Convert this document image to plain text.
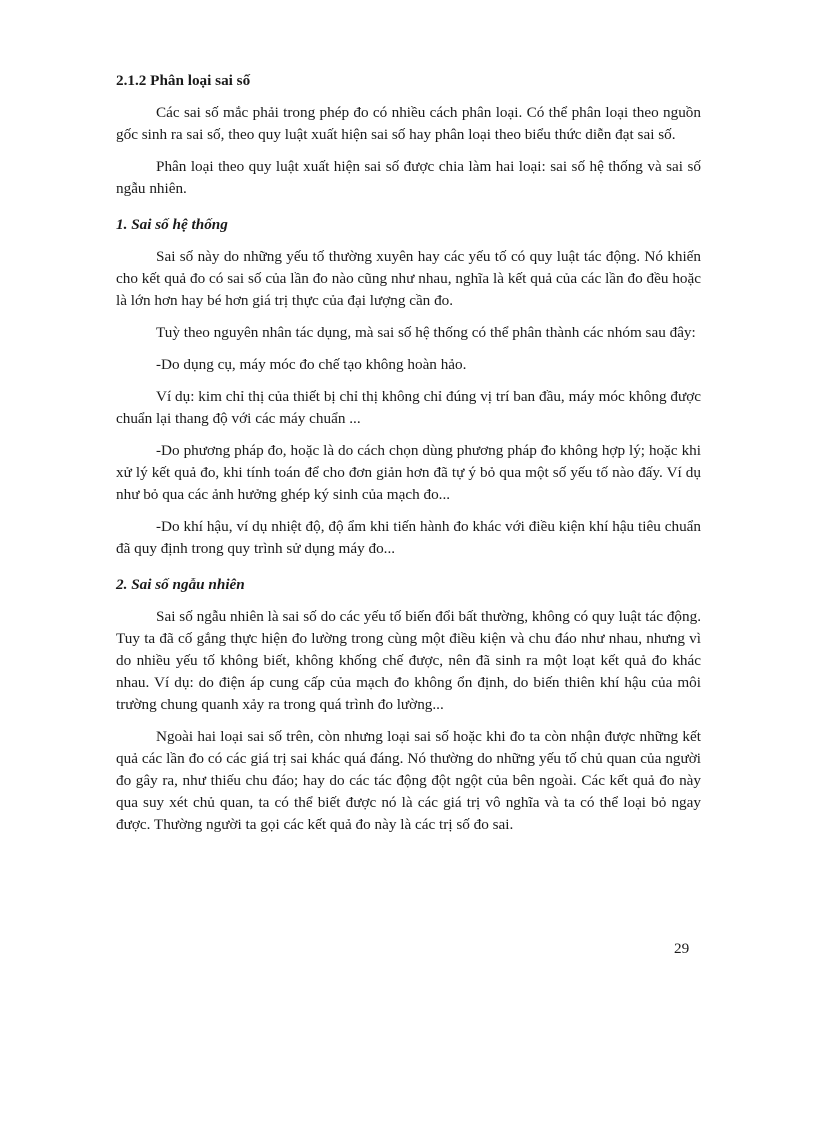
2.1.2 Phân loại sai số

Các sai số mắc phải trong phép đo có nhiều cách phân loại. Có thể phân loại theo nguồn gốc sinh ra sai số, theo quy luật xuất hiện sai số hay phân loại theo biểu thức diễn đạt sai số.

Phân loại theo quy luật xuất hiện sai số được chia làm hai loại: sai số hệ thống và sai số ngẫu nhiên.

1. Sai số hệ thống

Sai số này do những yếu tố thường xuyên hay các yếu tố có quy luật tác động. Nó khiến cho kết quả đo có sai số của lần đo nào cũng như nhau, nghĩa là kết quả của các lần đo đều hoặc là lớn hơn hay bé hơn giá trị thực của đại lượng cần đo.

Tuỳ theo nguyên nhân tác dụng, mà sai số hệ thống có thể phân thành các nhóm sau đây:

-Do dụng cụ, máy móc đo chế tạo không hoàn hảo.

Ví dụ: kim chỉ thị của thiết bị chỉ thị không chỉ đúng vị trí ban đầu, máy móc không được chuẩn lại thang độ với các máy chuẩn ...

-Do phương pháp đo, hoặc là do cách chọn dùng phương pháp đo không hợp lý; hoặc khi xử lý kết quả đo, khi tính toán để cho đơn giản hơn đã tự ý bỏ qua một số yếu tố nào đấy. Ví dụ như bỏ qua các ảnh hưởng ghép ký sinh của mạch đo...

-Do khí hậu, ví dụ nhiệt độ, độ ẩm khi tiến hành đo khác với điều kiện khí hậu tiêu chuẩn đã quy định trong quy trình sử dụng máy đo...

2. Sai số ngẫu nhiên

Sai số ngẫu nhiên là sai số do các yếu tố biến đổi bất thường, không có quy luật tác động. Tuy ta đã cố gắng thực hiện đo lường trong cùng một điều kiện và chu đáo như nhau, nhưng vì do nhiều yếu tố không biết, không khống chế được, nên đã sinh ra một loạt kết quả đo khác nhau. Ví dụ: do điện áp cung cấp của mạch đo không ổn định, do biến thiên khí hậu của môi trường chung quanh xảy ra trong quá trình đo lường...

Ngoài hai loại sai số trên, còn nhưng loại sai số hoặc khi đo ta còn nhận được những kết quả các lần đo có các giá trị sai khác quá đáng. Nó thường do những yếu tố chủ quan của người đo gây ra, như thiếu chu đáo; hay do các tác động đột ngột của bên ngoài. Các kết quả đo này qua suy xét chủ quan, ta có thể biết được nó là các giá trị vô nghĩa và ta có thể loại bỏ ngay được. Thường người ta gọi các kết quả đo này là các trị số đo sai.

29
